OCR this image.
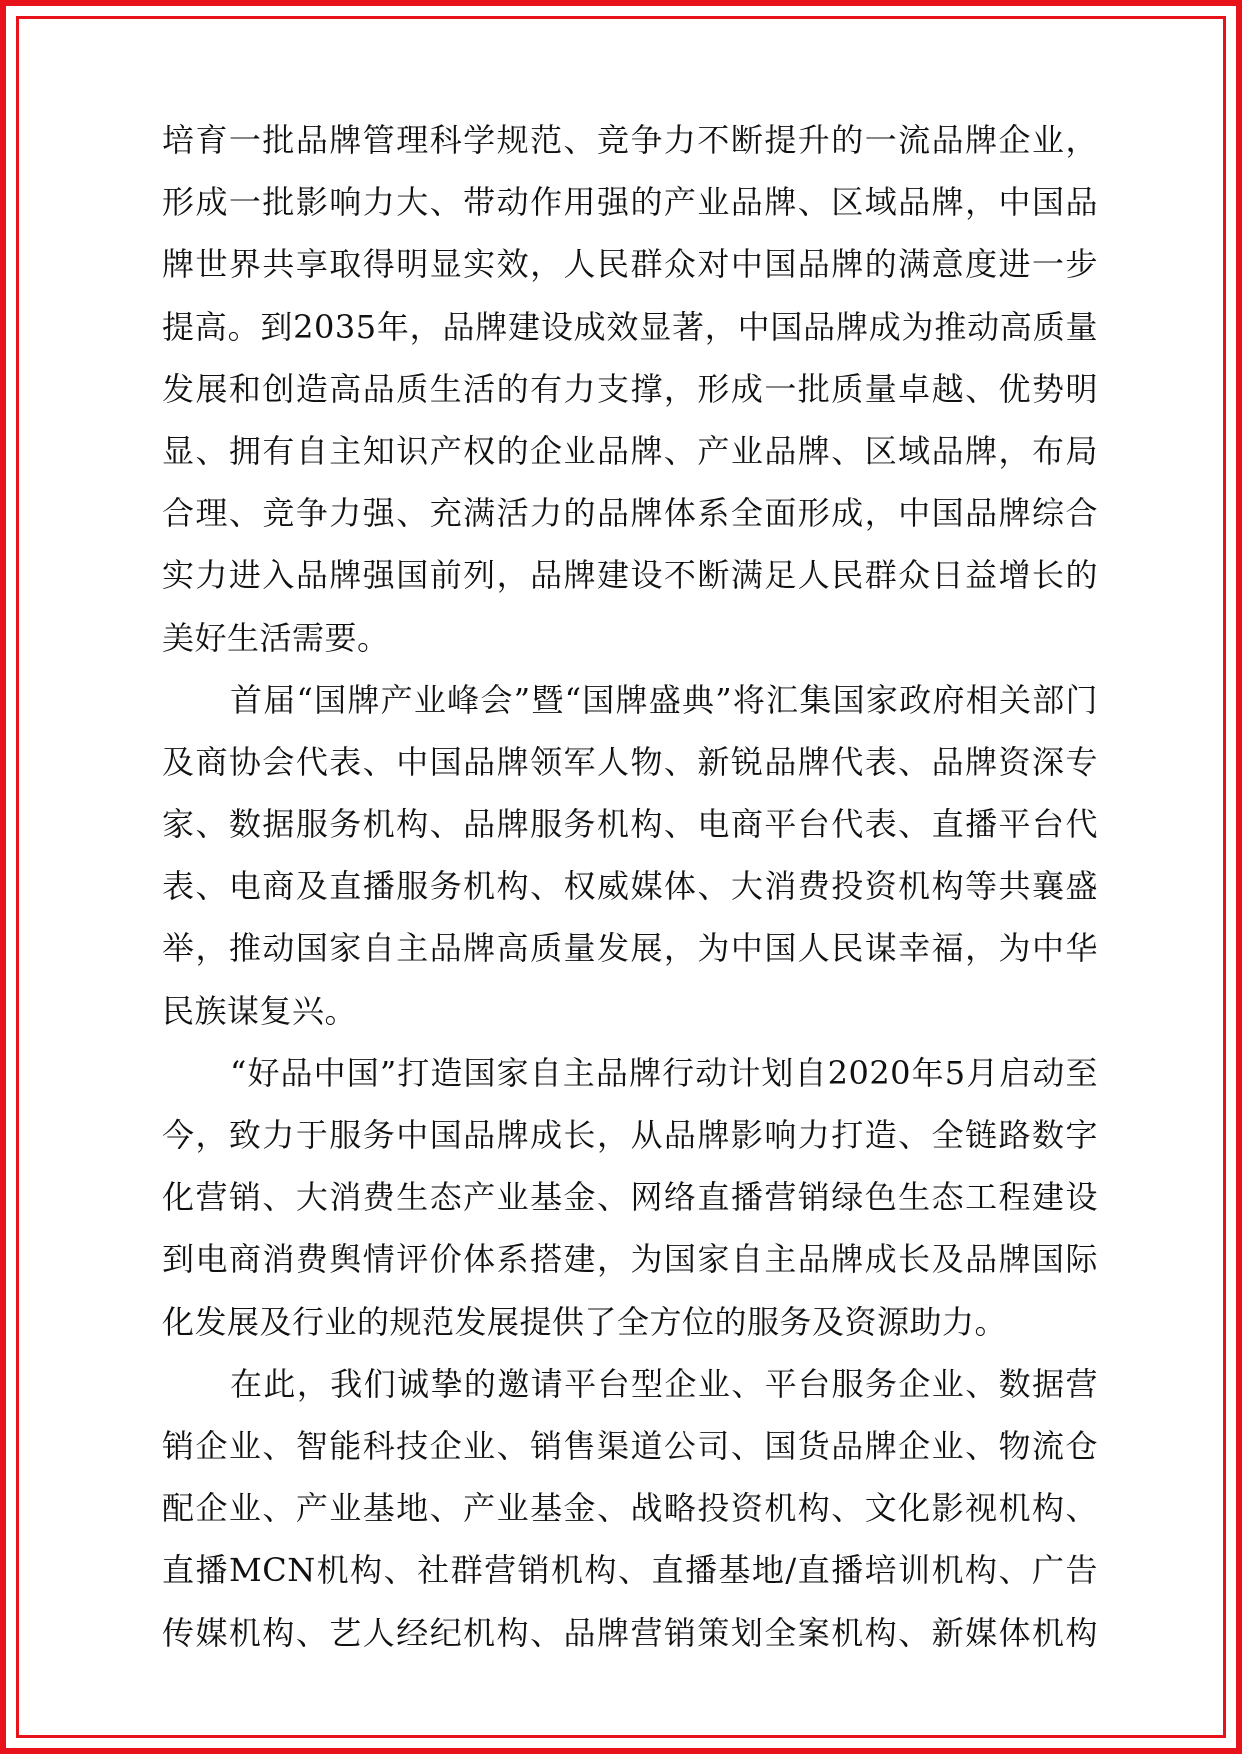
培育一批品牌管理科学规范、竞争力不断提升的一流品牌企业，
形成一批影响力大、带动作用强的产业品牌、区域品牌，中国品
牌世界共享取得明显实效，人民群众对中国品牌的满意度进一步
提高。到2035年，品牌建设成效显著，中国品牌成为推动高质量
发展和创造高品质生活的有力支撑，形成一批质量卓越、优势明
显、拥有自主知识产权的企业品牌、产业品牌、区域品牌，布局
合理、竞争力强、充满活力的品牌体系全面形成，中国品牌综合
实力进入品牌强国前列，品牌建设不断满足人民群众日益增长的
美好生活需要。
首届“国牌产业峰会”暨“国牌盛典”将汇集国家政府相关部门
及商协会代表、中国品牌领军人物、新锐品牌代表、品牌资深专
家、数据服务机构、品牌服务机构、电商平台代表、直播平台代
表、电商及直播服务机构、权威媒体、大消费投资机构等共襄盛
举，推动国家自主品牌高质量发展，为中国人民谋幸福，为中华
民族谋复兴。
“好品中国”打造国家自主品牌行动计划自2020年5月启动至
今，致力于服务中国品牌成长，从品牌影响力打造、全链路数字
化营销、大消费生态产业基金、网络直播营销绿色生态工程建设
到电商消费舆情评价体系搭建，为国家自主品牌成长及品牌国际
化发展及行业的规范发展提供了全方位的服务及资源助力。
在此，我们诚挚的邀请平台型企业、平台服务企业、数据营
销企业、智能科技企业、销售渠道公司、国货品牌企业、物流仓
配企业、产业基地、产业基金、战略投资机构、文化影视机构、
直播MCN机构、社群营销机构、直播基地/直播培训机构、广告
传媒机构、艺人经纪机构、品牌营销策划全案机构、新媒体机构
